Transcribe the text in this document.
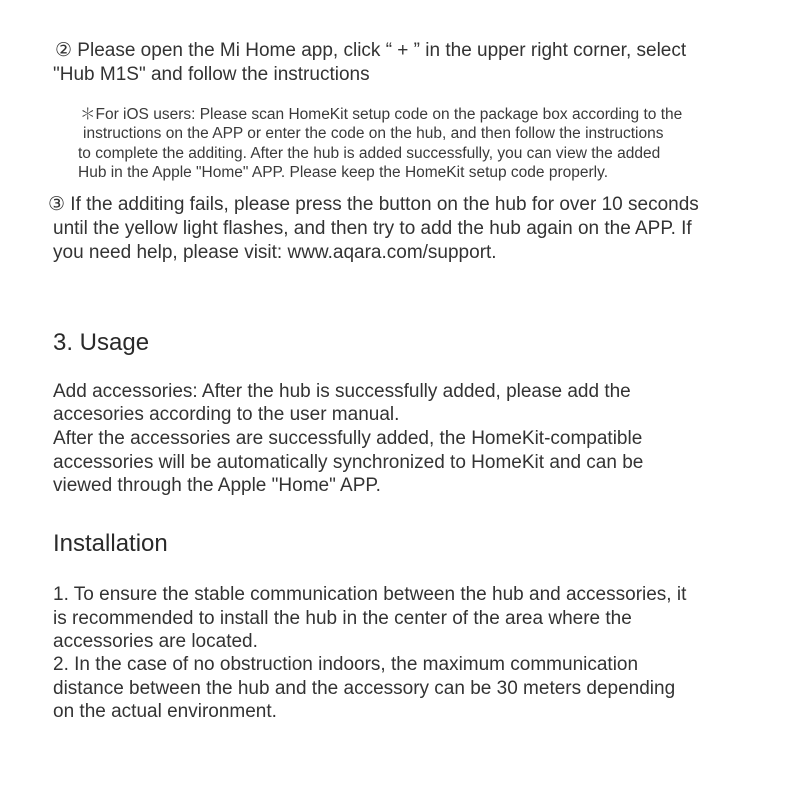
② Please open the Mi Home app, click “ + ” in the upper right corner, select
"Hub M1S" and follow the instructions
＊For iOS users: Please scan HomeKit setup code on the package box according to the
instructions on the APP or enter the code on the hub, and then follow the instructions
to complete the additing. After the hub is added successfully, you can view the added
Hub in the Apple "Home" APP. Please keep the HomeKit setup code properly.
③ If the additing fails, please press the button on the hub for over 10 seconds
until the yellow light flashes, and then try to add the hub again on the APP. If
you need help, please visit: www.aqara.com/support.
3. Usage
Add accessories: After the hub is successfully added, please add the
accesories according to the user manual.
After the accessories are successfully added, the HomeKit-compatible
accessories will be automatically synchronized to HomeKit and can be
viewed through the Apple "Home" APP.
Installation
1. To ensure the stable communication between the hub and accessories, it
is recommended to install the hub in the center of the area where the
accessories are located.
2. In the case of no obstruction indoors, the maximum communication
distance between the hub and the accessory can be 30 meters depending
on the actual environment.
